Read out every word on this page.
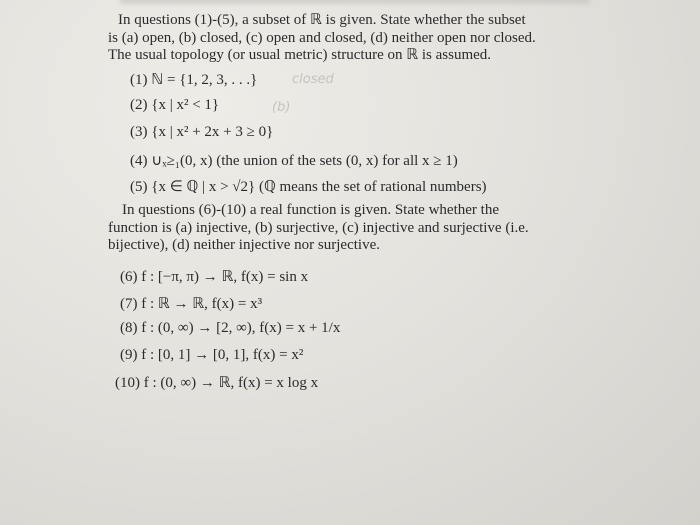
In questions (1)-(5), a subset of ℝ is given. State whether the subset
is (a) open, (b) closed, (c) open and closed, (d) neither open nor closed.
The usual topology (or usual metric) structure on ℝ is assumed.
(1) ℕ = {1, 2, 3, . . .}	closed
(2) {x | x² < 1}	(b)
(3) {x | x² + 2x + 3 ≥ 0}
(4) ∪ₓ≥₁(0, x) (the union of the sets (0, x) for all x ≥ 1)
(5) {x ∈ ℚ | x > √2} (ℚ means the set of rational numbers)
In questions (6)-(10) a real function is given. State whether the
function is (a) injective, (b) surjective, (c) injective and surjective (i.e.
bijective), (d) neither injective nor surjective.
(6) f : [−π, π) → ℝ, f(x) = sin x
(7) f : ℝ → ℝ, f(x) = x³
(8) f : (0, ∞) → [2, ∞), f(x) = x + 1/x
(9) f : [0, 1] → [0, 1], f(x) = x²
(10) f : (0, ∞) → ℝ, f(x) = x log x
